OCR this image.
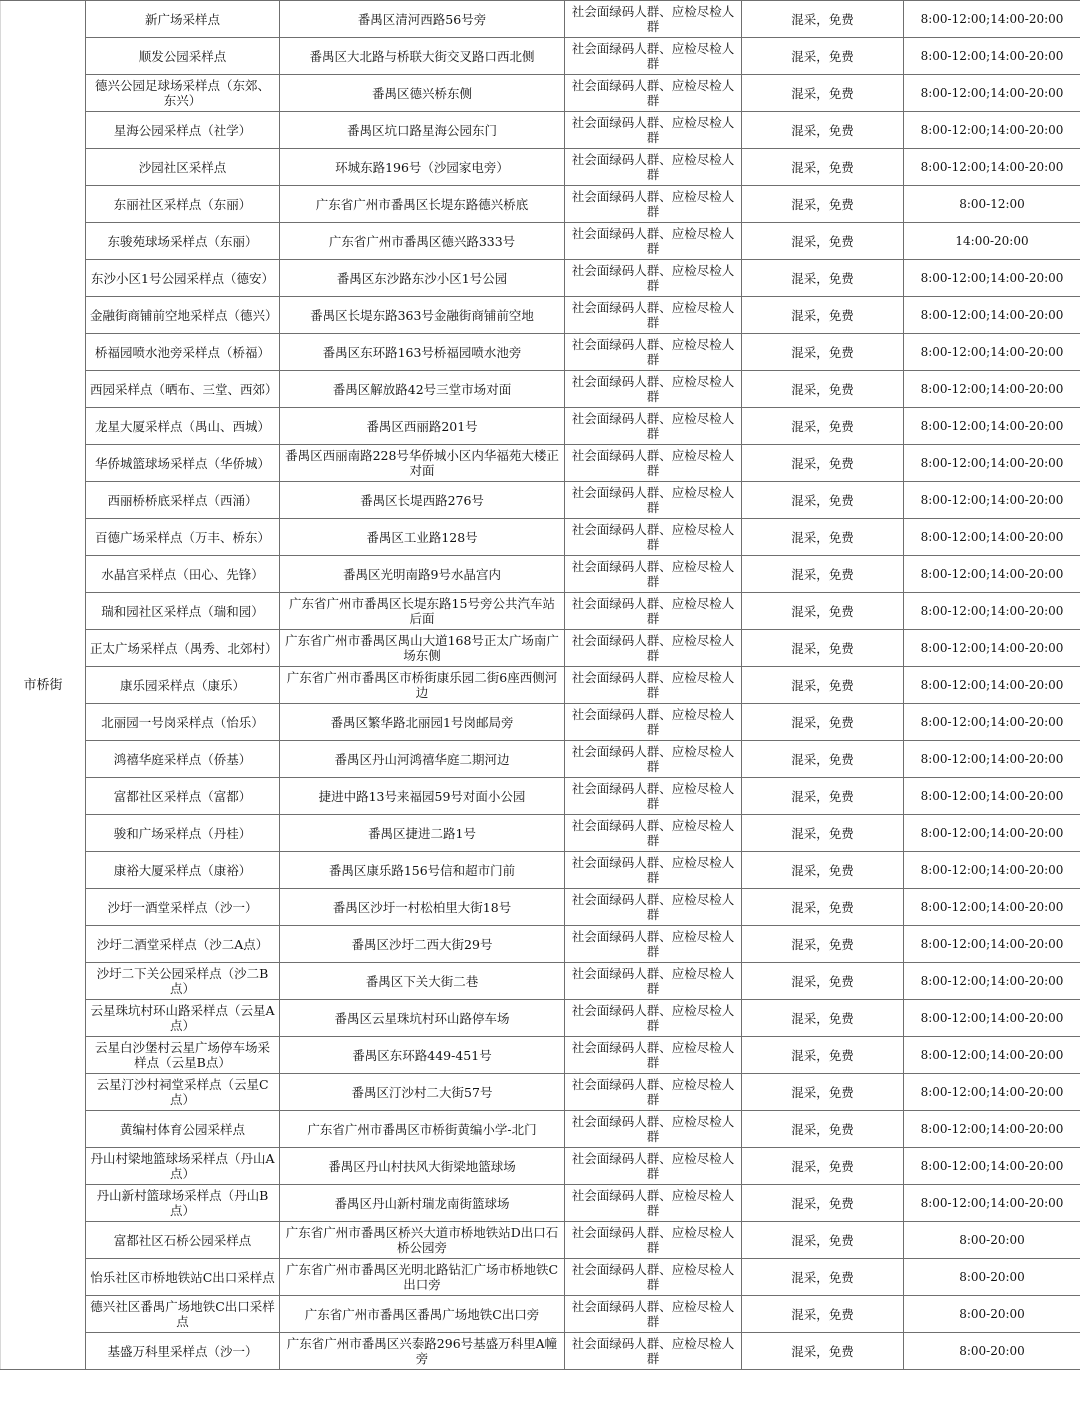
市桥街	新广场采样点	番禺区清河西路56号旁	社会面绿码人群、应检尽检人群	混采，免费	8:00-12:00;14:00-20:00
	顺发公园采样点	番禺区大北路与桥联大街交叉路口西北侧	社会面绿码人群、应检尽检人群	混采，免费	8:00-12:00;14:00-20:00
	德兴公园足球场采样点（东郊、东兴）	番禺区德兴桥东侧	社会面绿码人群、应检尽检人群	混采，免费	8:00-12:00;14:00-20:00
	星海公园采样点（社学）	番禺区坑口路星海公园东门	社会面绿码人群、应检尽检人群	混采，免费	8:00-12:00;14:00-20:00
	沙园社区采样点	环城东路196号（沙园家电旁）	社会面绿码人群、应检尽检人群	混采，免费	8:00-12:00;14:00-20:00
	东丽社区采样点（东丽）	广东省广州市番禺区长堤东路德兴桥底	社会面绿码人群、应检尽检人群	混采，免费	8:00-12:00
	东骏苑球场采样点（东丽）	广东省广州市番禺区德兴路333号	社会面绿码人群、应检尽检人群	混采，免费	14:00-20:00
	东沙小区1号公园采样点（德安）	番禺区东沙路东沙小区1号公园	社会面绿码人群、应检尽检人群	混采，免费	8:00-12:00;14:00-20:00
	金融街商铺前空地采样点（德兴）	番禺区长堤东路363号金融街商铺前空地	社会面绿码人群、应检尽检人群	混采，免费	8:00-12:00;14:00-20:00
	桥福园喷水池旁采样点（桥福）	番禺区东环路163号桥福园喷水池旁	社会面绿码人群、应检尽检人群	混采，免费	8:00-12:00;14:00-20:00
	西园采样点（晒布、三堂、西郊）	番禺区解放路42号三堂市场对面	社会面绿码人群、应检尽检人群	混采，免费	8:00-12:00;14:00-20:00
	龙星大厦采样点（禺山、西城）	番禺区西丽路201号	社会面绿码人群、应检尽检人群	混采，免费	8:00-12:00;14:00-20:00
	华侨城篮球场采样点（华侨城）	番禺区西丽南路228号华侨城小区内华福苑大楼正对面	社会面绿码人群、应检尽检人群	混采，免费	8:00-12:00;14:00-20:00
	西丽桥桥底采样点（西涌）	番禺区长堤西路276号	社会面绿码人群、应检尽检人群	混采，免费	8:00-12:00;14:00-20:00
	百德广场采样点（万丰、桥东）	番禺区工业路128号	社会面绿码人群、应检尽检人群	混采，免费	8:00-12:00;14:00-20:00
	水晶宫采样点（田心、先锋）	番禺区光明南路9号水晶宫内	社会面绿码人群、应检尽检人群	混采，免费	8:00-12:00;14:00-20:00
	瑞和园社区采样点（瑞和园）	广东省广州市番禺区长堤东路15号旁公共汽车站后面	社会面绿码人群、应检尽检人群	混采，免费	8:00-12:00;14:00-20:00
	正太广场采样点（禺秀、北郊村）	广东省广州市番禺区禺山大道168号正太广场南广场东侧	社会面绿码人群、应检尽检人群	混采，免费	8:00-12:00;14:00-20:00
	康乐园采样点（康乐）	广东省广州市番禺区市桥街康乐园二街6座西侧河边	社会面绿码人群、应检尽检人群	混采，免费	8:00-12:00;14:00-20:00
	北丽园一号岗采样点（怡乐）	番禺区繁华路北丽园1号岗邮局旁	社会面绿码人群、应检尽检人群	混采，免费	8:00-12:00;14:00-20:00
	鸿禧华庭采样点（侨基）	番禺区丹山河鸿禧华庭二期河边	社会面绿码人群、应检尽检人群	混采，免费	8:00-12:00;14:00-20:00
	富都社区采样点（富都）	捷进中路13号来福园59号对面小公园	社会面绿码人群、应检尽检人群	混采，免费	8:00-12:00;14:00-20:00
	骏和广场采样点（丹桂）	番禺区捷进二路1号	社会面绿码人群、应检尽检人群	混采，免费	8:00-12:00;14:00-20:00
	康裕大厦采样点（康裕）	番禺区康乐路156号信和超市门前	社会面绿码人群、应检尽检人群	混采，免费	8:00-12:00;14:00-20:00
	沙圩一酒堂采样点（沙一）	番禺区沙圩一村松柏里大街18号	社会面绿码人群、应检尽检人群	混采，免费	8:00-12:00;14:00-20:00
	沙圩二酒堂采样点（沙二A点）	番禺区沙圩二西大街29号	社会面绿码人群、应检尽检人群	混采，免费	8:00-12:00;14:00-20:00
	沙圩二下关公园采样点（沙二B点）	番禺区下关大街二巷	社会面绿码人群、应检尽检人群	混采，免费	8:00-12:00;14:00-20:00
	云星珠坑村环山路采样点（云星A点）	番禺区云星珠坑村环山路停车场	社会面绿码人群、应检尽检人群	混采，免费	8:00-12:00;14:00-20:00
	云星白沙堡村云星广场停车场采样点（云星B点）	番禺区东环路449-451号	社会面绿码人群、应检尽检人群	混采，免费	8:00-12:00;14:00-20:00
	云星汀沙村祠堂采样点（云星C点）	番禺区汀沙村二大街57号	社会面绿码人群、应检尽检人群	混采，免费	8:00-12:00;14:00-20:00
	黄编村体育公园采样点	广东省广州市番禺区市桥街黄编小学-北门	社会面绿码人群、应检尽检人群	混采，免费	8:00-12:00;14:00-20:00
	丹山村梁地篮球场采样点（丹山A点）	番禺区丹山村扶风大街梁地篮球场	社会面绿码人群、应检尽检人群	混采，免费	8:00-12:00;14:00-20:00
	丹山新村篮球场采样点（丹山B点）	番禺区丹山新村瑞龙南街篮球场	社会面绿码人群、应检尽检人群	混采，免费	8:00-12:00;14:00-20:00
	富都社区石桥公园采样点	广东省广州市番禺区桥兴大道市桥地铁站D出口石桥公园旁	社会面绿码人群、应检尽检人群	混采，免费	8:00-20:00
	怡乐社区市桥地铁站C出口采样点	广东省广州市番禺区光明北路钻汇广场市桥地铁C出口旁	社会面绿码人群、应检尽检人群	混采，免费	8:00-20:00
	德兴社区番禺广场地铁C出口采样点	广东省广州市番禺区番禺广场地铁C出口旁	社会面绿码人群、应检尽检人群	混采，免费	8:00-20:00
	基盛万科里采样点（沙一）	广东省广州市番禺区兴泰路296号基盛万科里A幢旁	社会面绿码人群、应检尽检人群	混采，免费	8:00-20:00
